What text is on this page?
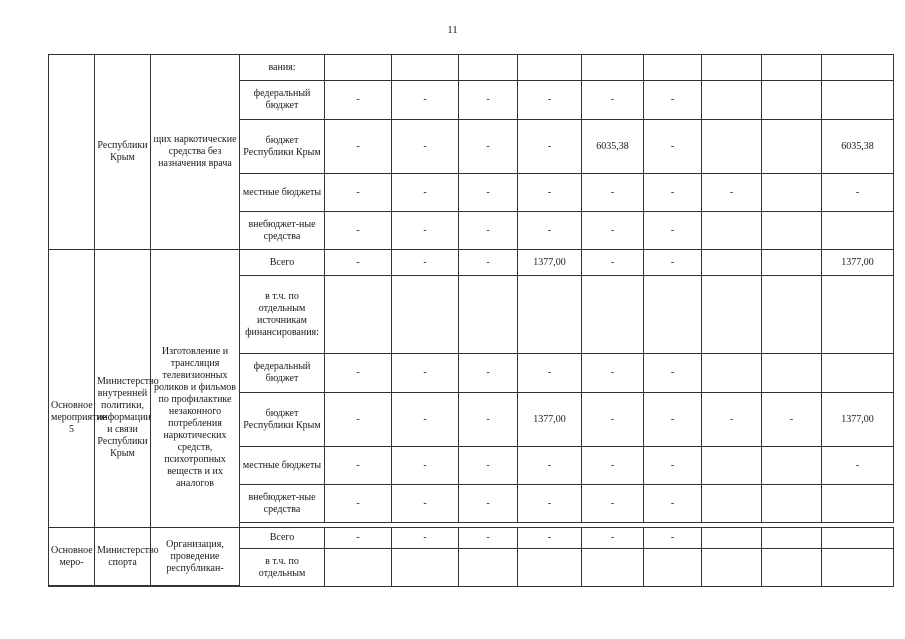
11
	Республики Крым	щих наркотические средства без назначения врача	вания:									
			федеральный бюджет	-	-	-	-	-	-			
			бюджет Республики Крым	-	-	-	-	6035,38	-			6035,38
			местные бюджеты	-	-	-	-	-	-	-		-
			внебюджет-ные средства	-	-	-	-	-	-			
Основное мероприятие 5	Министерство внутренней политики, информации и связи Республики Крым	Изготовление и трансляция телевизионных роликов и фильмов по профилактике незаконного потребления наркотических средств, психотропных веществ и их аналогов	Всего	-	-	-	1377,00	-	-			1377,00
			в т.ч. по отдельным источникам финансирования:									
			федеральный бюджет	-	-	-	-	-	-			
			бюджет Республики Крым	-	-	-	1377,00	-	-	-	-	1377,00
			местные бюджеты	-	-	-	-	-	-			-
			внебюджет-ные средства	-	-	-	-	-	-			

Основное меро-	Министерство спорта	Организация, проведение республикан-	Всего	-	-	-	-	-	-			
			в т.ч. по отдельным									
